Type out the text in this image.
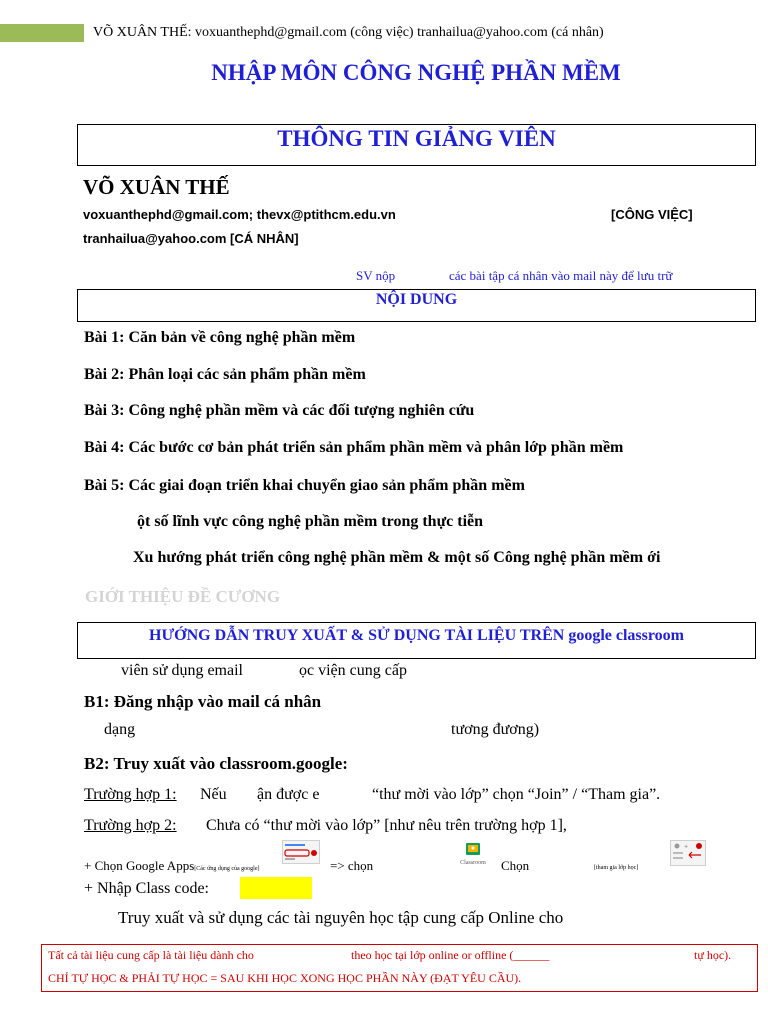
VÕ XUÂN THẾ: voxuanthephd@gmail.com (công việc) tranhailua@yahoo.com (cá nhân)
NHẬP MÔN CÔNG NGHỆ PHẦN MỀM
THÔNG TIN GIẢNG VIÊN
VÕ XUÂN THẾ
voxuanthephd@gmail.com; thevx@ptithcm.edu.vn	[CÔNG VIỆC]
tranhailua@yahoo.com [CÁ NHÂN]
SV nộp	các bài tập cá nhân vào mail này để lưu trữ
NỘI DUNG
Bài 1: Căn bản về công nghệ phần mềm
Bài 2: Phân loại các sản phẩm phần mềm
Bài 3: Công nghệ phần mềm và các đối tượng nghiên cứu
Bài 4: Các bước cơ bản phát triển sản phẩm phần mềm và phân lớp phần mềm
Bài 5: Các giai đoạn triển khai chuyển giao sản phẩm phần mềm
ột số lĩnh vực công nghệ phần mềm trong thực tiễn
Xu hướng phát triển công nghệ phần mềm & một số Công nghệ phần mềm ới
GIỚI THIỆU ĐỀ CƯƠNG
HƯỚNG DẪN TRUY XUẤT & SỬ DỤNG TÀI LIỆU TRÊN google classroom
viên sử dụng email	ọc viện cung cấp
B1: Đăng nhập vào mail cá nhân
dạng	tương đương)
B2: Truy xuất vào classroom.google:
Trường hợp 1: Nếu ận được e	“thư mời vào lớp” chọn “Join” / “Tham gia”.
Trường hợp 2: Chưa có “thư mời vào lớp” [như nêu trên trường hợp 1],
+ Chọn Google Apps[Các ứng dụng của google]	=> chọn	Classroom	Chọn	[tham gia lớp học]
+
+ Nhập Class code:
Truy xuất và sử dụng các tài nguyên học tập cung cấp Online cho
Tất cả tài liệu cung cấp là tài liệu dành cho	theo học tại lớp online or offline (______	tự học).
CHỈ TỰ HỌC & PHẢI TỰ HỌC = SAU KHI HỌC XONG HỌC PHẦN NÀY (ĐẠT YÊU CẦU).
